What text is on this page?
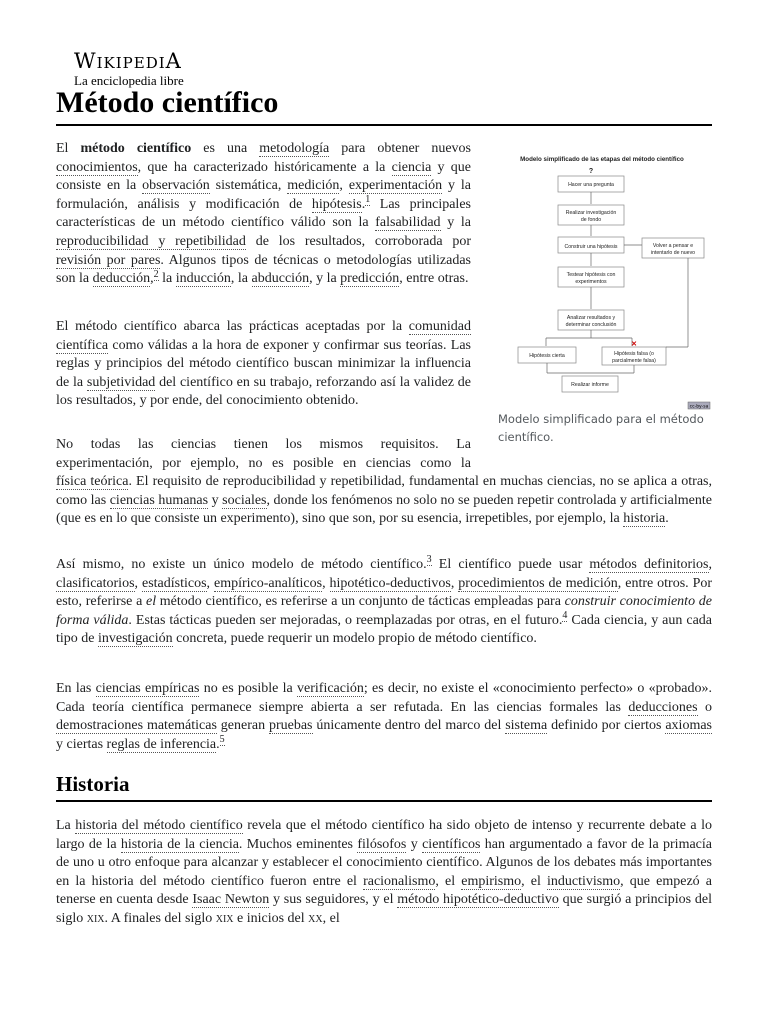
WikipediA
La enciclopedia libre
Método científico

El método científico es una metodología para obtener nuevos conocimientos, que ha caracterizado históricamente a la ciencia y que consiste en la observación sistemática, medición, experimentación y la formulación, análisis y modificación de hipótesis.$^1$ Las principales características de un método científico válido son la falsabilidad y la reproducibilidad y repetibilidad de los resultados, corroborada por revisión por pares. Algunos tipos de técnicas o metodologías utilizadas son la deducción,$^2$ la inducción, la abducción, y la predicción, entre otras.

El método científico abarca las prácticas aceptadas por la comunidad científica como válidas a la hora de exponer y confirmar sus teorías. Las reglas y principios del método científico buscan minimizar la influencia de la subjetividad del científico en su trabajo, reforzando así la validez de los resultados, y por ende, del conocimiento obtenido.

No todas las ciencias tienen los mismos requisitos. La
experimentación, por ejemplo, no es posible en ciencias como la
física teórica. El requisito de reproducibilidad y repetibilidad, fundamental en muchas ciencias, no se aplica a otras, como las ciencias humanas y sociales, donde los fenómenos no solo no se pueden repetir controlada y artificialmente (que es en lo que consiste un experimento), sino que son, por su esencia, irrepetibles, por ejemplo, la historia.

Así mismo, no existe un único modelo de método científico.$^3$ El científico puede usar métodos definitorios, clasificatorios, estadísticos, empírico-analíticos, hipotético-deductivos, procedimientos de medición, entre otros. Por esto, referirse a el método científico, es referirse a un conjunto de tácticas empleadas para construir conocimiento de forma válida. Estas tácticas pueden ser mejoradas, o reemplazadas por otras, en el futuro.$^4$ Cada ciencia, y aun cada tipo de investigación concreta, puede requerir un modelo propio de método científico.

En las ciencias empíricas no es posible la verificación; es decir, no existe el «conocimiento perfecto» o «probado». Cada teoría científica permanece siempre abierta a ser refutada. En las ciencias formales las deducciones o demostraciones matemáticas generan pruebas únicamente dentro del marco del sistema definido por ciertos axiomas y ciertas reglas de inferencia.$^5$

Historia

La historia del método científico revela que el método científico ha sido objeto de intenso y recurrente debate a lo largo de la historia de la ciencia. Muchos eminentes filósofos y científicos han argumentado a favor de la primacía de uno u otro enfoque para alcanzar y establecer el conocimiento científico. Algunos de los debates más importantes en la historia del método científico fueron entre el racionalismo, el empirismo, el inductivismo, que empezó a tenerse en cuenta desde Isaac Newton y sus seguidores, y el método hipotético-deductivo que surgió a principios del siglo xix. A finales del siglo xix e inicios del xx, el

Modelo simplificado de las etapas del método científico
?
Hacer una pregunta
Realizar investigación
de fondo
Construir una hipótesis
Testear hipótesis con
experimentos
Analizar resultados y
determinar conclusión
Hipótesis cierta	Hipótesis falsa (o
parcialmente falsa)
✕
Realizar informe
Volver a pensar e
intentarlo de nuevo
cc-by-sa
Modelo simplificado para el método científico.
